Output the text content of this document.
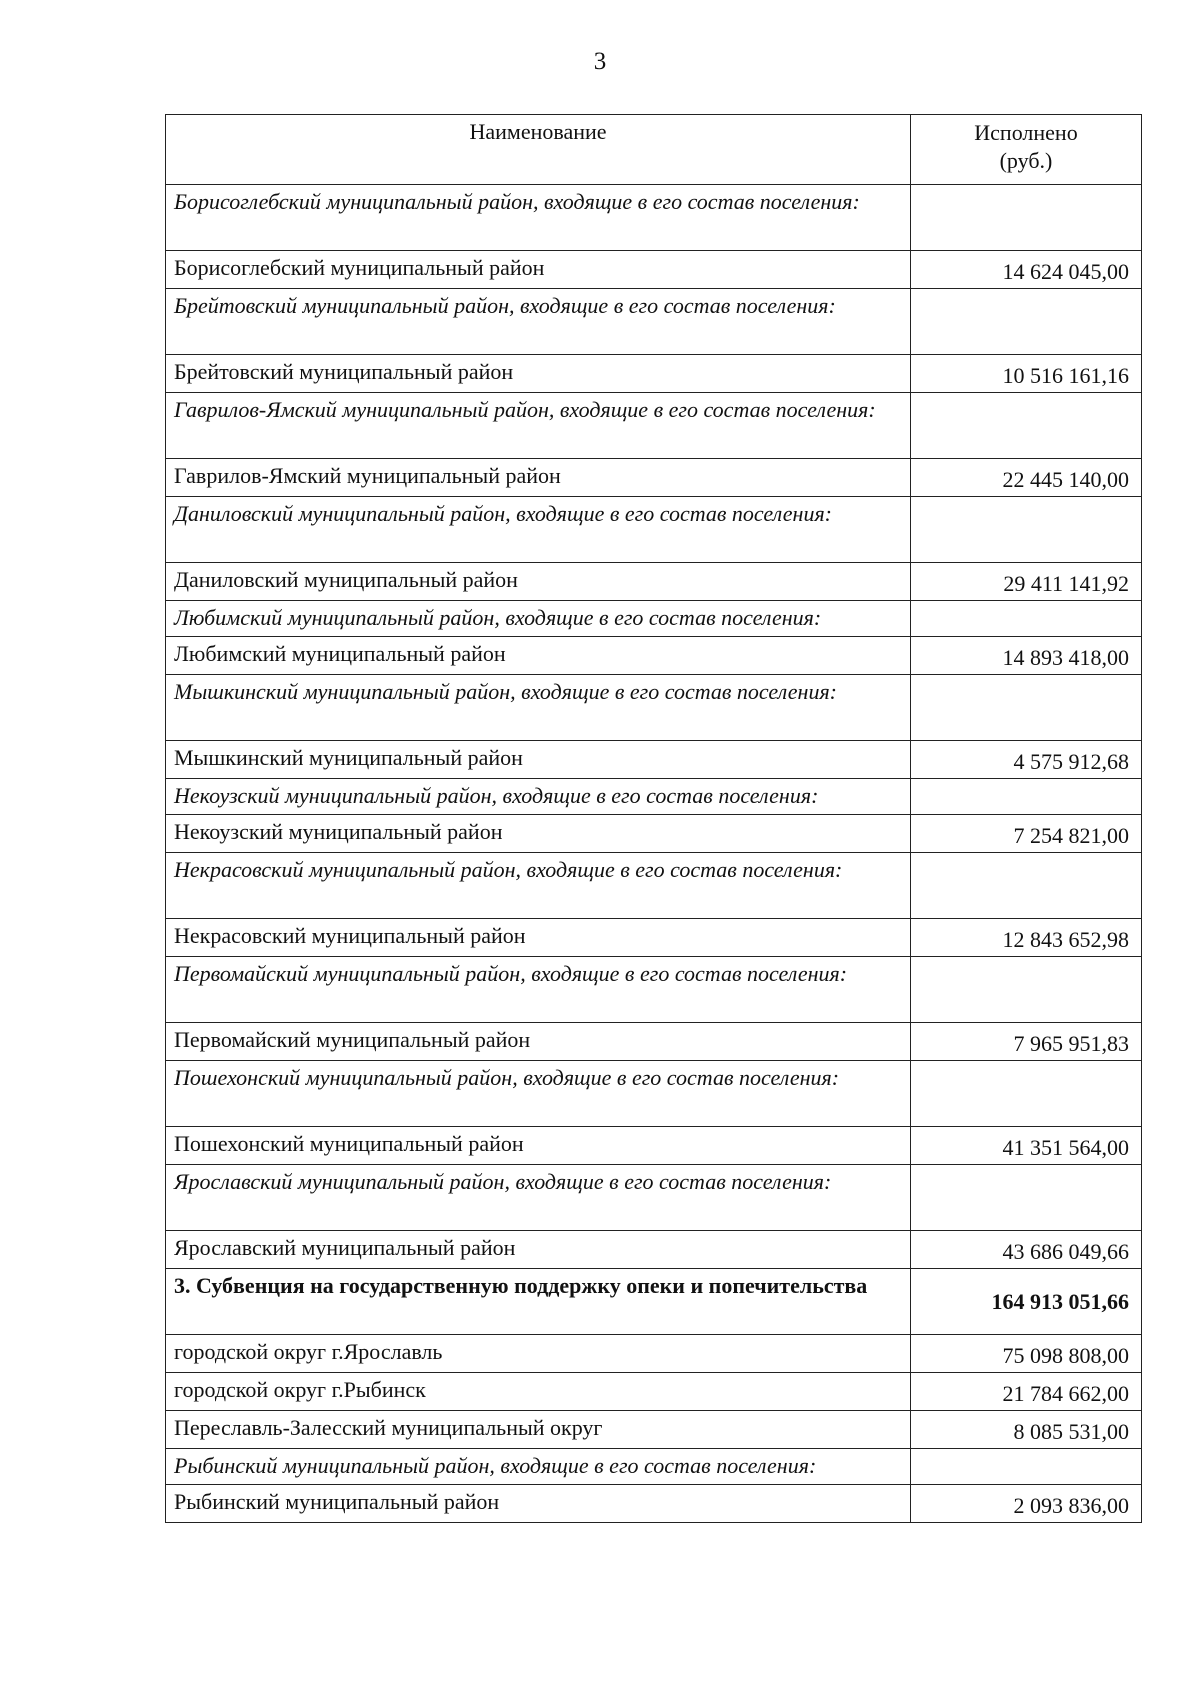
3
Наименование	Исполнено
(руб.)
Борисоглебский муниципальный район, входящие в его состав поселения:	
Борисоглебский муниципальный район	14 624 045,00
Брейтовский муниципальный район, входящие в его состав поселения:	
Брейтовский муниципальный район	10 516 161,16
Гаврилов-Ямский муниципальный район, входящие в его состав поселения:	
Гаврилов-Ямский муниципальный район	22 445 140,00
Даниловский муниципальный район, входящие в его состав поселения:	
Даниловский муниципальный район	29 411 141,92
Любимский муниципальный район, входящие в его состав поселения:	
Любимский муниципальный район	14 893 418,00
Мышкинский муниципальный район, входящие в его состав поселения:	
Мышкинский муниципальный район	4 575 912,68
Некоузский муниципальный район, входящие в его состав поселения:	
Некоузский муниципальный район	7 254 821,00
Некрасовский муниципальный район, входящие в его состав поселения:	
Некрасовский муниципальный район	12 843 652,98
Первомайский муниципальный район, входящие в его состав поселения:	
Первомайский муниципальный район	7 965 951,83
Пошехонский муниципальный район, входящие в его состав поселения:	
Пошехонский муниципальный район	41 351 564,00
Ярославский муниципальный район, входящие в его состав поселения:	
Ярославский муниципальный район	43 686 049,66
3. Субвенция на государственную поддержку опеки и попечительства	164 913 051,66
городской округ г.Ярославль	75 098 808,00
городской округ г.Рыбинск	21 784 662,00
Переславль-Залесский муниципальный округ	8 085 531,00
Рыбинский муниципальный район, входящие в его состав поселения:	
Рыбинский муниципальный район	2 093 836,00
